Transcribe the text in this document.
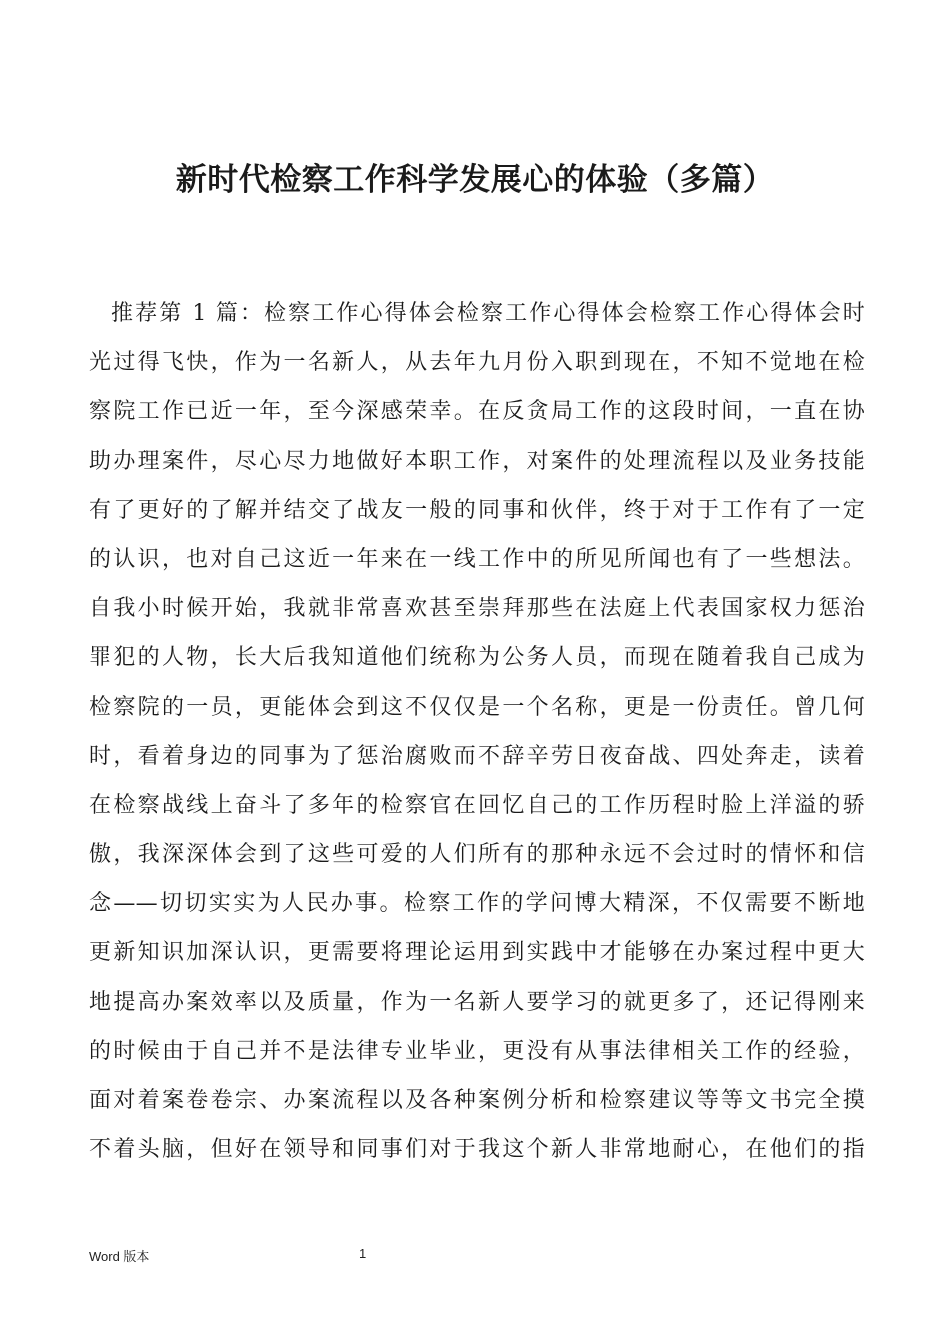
新时代检察工作科学发展心的体验（多篇）
推荐第 1 篇：检察工作心得体会检察工作心得体会检察工作心得体会时
光过得飞快，作为一名新人，从去年九月份入职到现在，不知不觉地在检
察院工作已近一年，至今深感荣幸。在反贪局工作的这段时间，一直在协
助办理案件，尽心尽力地做好本职工作，对案件的处理流程以及业务技能
有了更好的了解并结交了战友一般的同事和伙伴，终于对于工作有了一定
的认识，也对自己这近一年来在一线工作中的所见所闻也有了一些想法。
自我小时候开始，我就非常喜欢甚至崇拜那些在法庭上代表国家权力惩治
罪犯的人物，长大后我知道他们统称为公务人员，而现在随着我自己成为
检察院的一员，更能体会到这不仅仅是一个名称，更是一份责任。曾几何
时，看着身边的同事为了惩治腐败而不辞辛劳日夜奋战、四处奔走，读着
在检察战线上奋斗了多年的检察官在回忆自己的工作历程时脸上洋溢的骄
傲，我深深体会到了这些可爱的人们所有的那种永远不会过时的情怀和信
念——切切实实为人民办事。检察工作的学问博大精深，不仅需要不断地
更新知识加深认识，更需要将理论运用到实践中才能够在办案过程中更大
地提高办案效率以及质量，作为一名新人要学习的就更多了，还记得刚来
的时候由于自己并不是法律专业毕业，更没有从事法律相关工作的经验，
面对着案卷卷宗、办案流程以及各种案例分析和检察建议等等文书完全摸
不着头脑，但好在领导和同事们对于我这个新人非常地耐心，在他们的指
Word 版本	1
